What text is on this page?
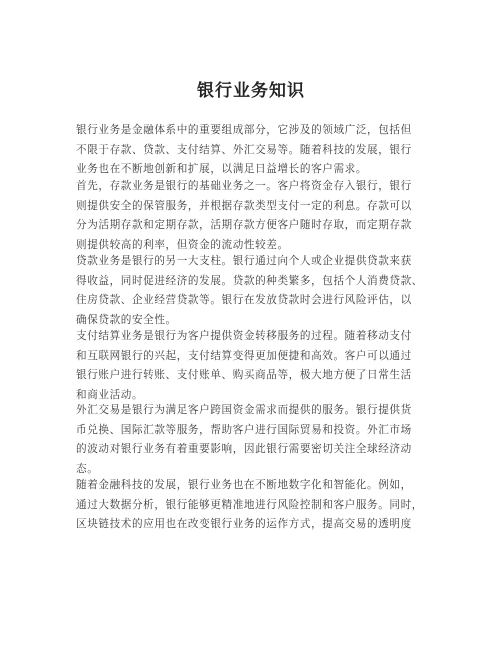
银行业务知识
银行业务是金融体系中的重要组成部分，它涉及的领域广泛，包括但
不限于存款、贷款、支付结算、外汇交易等。随着科技的发展，银行
业务也在不断地创新和扩展，以满足日益增长的客户需求。
首先，存款业务是银行的基础业务之一。客户将资金存入银行，银行
则提供安全的保管服务，并根据存款类型支付一定的利息。存款可以
分为活期存款和定期存款，活期存款方便客户随时存取，而定期存款
则提供较高的利率，但资金的流动性较差。
贷款业务是银行的另一大支柱。银行通过向个人或企业提供贷款来获
得收益，同时促进经济的发展。贷款的种类繁多，包括个人消费贷款、
住房贷款、企业经营贷款等。银行在发放贷款时会进行风险评估，以
确保贷款的安全性。
支付结算业务是银行为客户提供资金转移服务的过程。随着移动支付
和互联网银行的兴起，支付结算变得更加便捷和高效。客户可以通过
银行账户进行转账、支付账单、购买商品等，极大地方便了日常生活
和商业活动。
外汇交易是银行为满足客户跨国资金需求而提供的服务。银行提供货
币兑换、国际汇款等服务，帮助客户进行国际贸易和投资。外汇市场
的波动对银行业务有着重要影响，因此银行需要密切关注全球经济动
态。
随着金融科技的发展，银行业务也在不断地数字化和智能化。例如，
通过大数据分析，银行能够更精准地进行风险控制和客户服务。同时，
区块链技术的应用也在改变银行业务的运作方式，提高交易的透明度
